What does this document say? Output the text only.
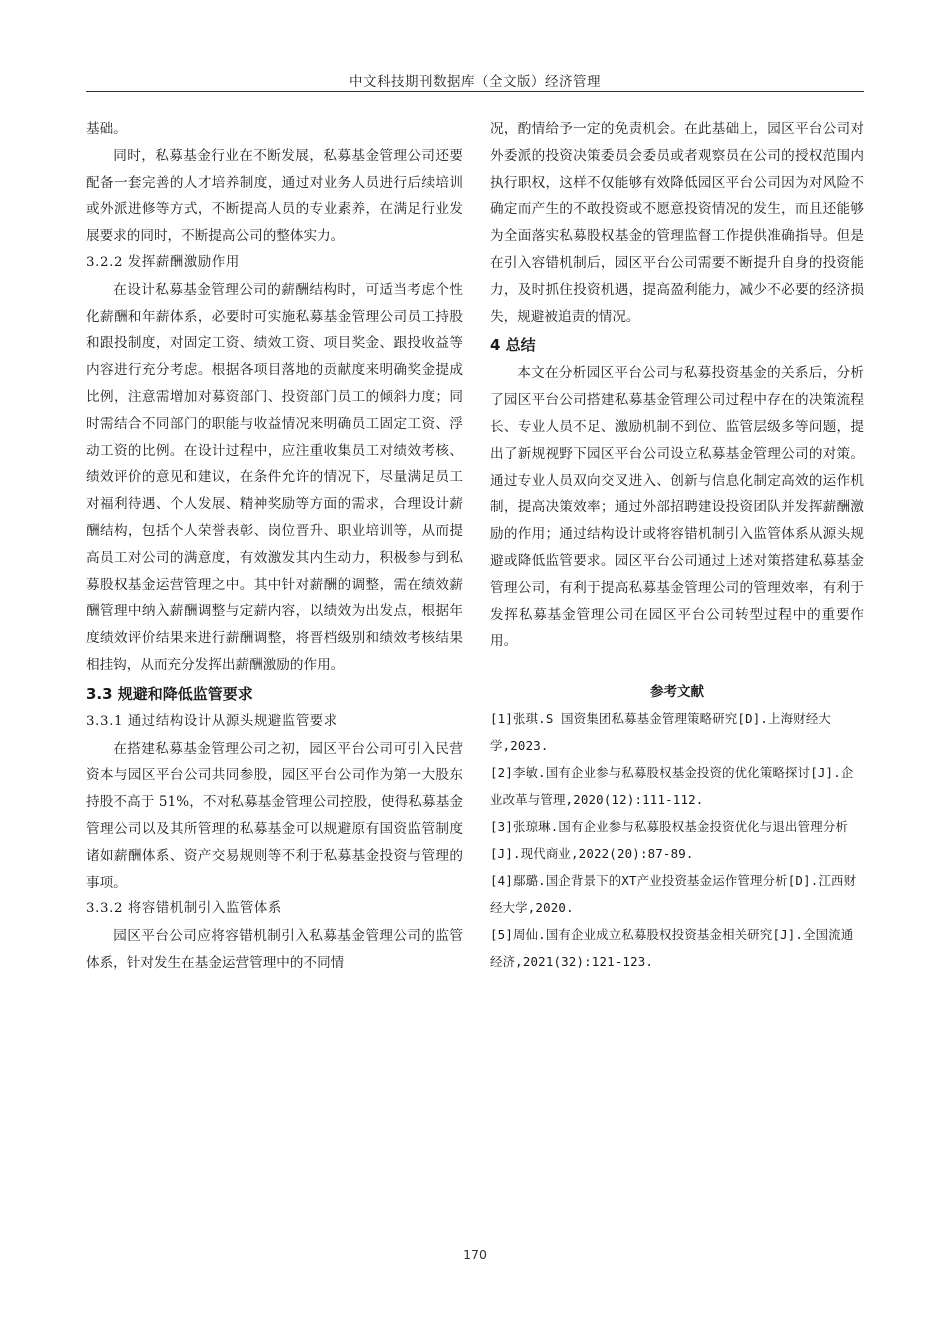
中文科技期刊数据库（全文版）经济管理

基础。

同时，私募基金行业在不断发展，私募基金管理公司还要配备一套完善的人才培养制度，通过对业务人员进行后续培训或外派进修等方式，不断提高人员的专业素养，在满足行业发展要求的同时，不断提高公司的整体实力。

3.2.2 发挥薪酬激励作用

在设计私募基金管理公司的薪酬结构时，可适当考虑个性化薪酬和年薪体系，必要时可实施私募基金管理公司员工持股和跟投制度，对固定工资、绩效工资、项目奖金、跟投收益等内容进行充分考虑。根据各项目落地的贡献度来明确奖金提成比例，注意需增加对募资部门、投资部门员工的倾斜力度；同时需结合不同部门的职能与收益情况来明确员工固定工资、浮动工资的比例。在设计过程中，应注重收集员工对绩效考核、绩效评价的意见和建议，在条件允许的情况下，尽量满足员工对福利待遇、个人发展、精神奖励等方面的需求，合理设计薪酬结构，包括个人荣誉表彰、岗位晋升、职业培训等，从而提高员工对公司的满意度，有效激发其内生动力，积极参与到私募股权基金运营管理之中。其中针对薪酬的调整，需在绩效薪酬管理中纳入薪酬调整与定薪内容，以绩效为出发点，根据年度绩效评价结果来进行薪酬调整，将晋档级别和绩效考核结果相挂钩，从而充分发挥出薪酬激励的作用。

3.3 规避和降低监管要求

3.3.1 通过结构设计从源头规避监管要求

在搭建私募基金管理公司之初，园区平台公司可引入民营资本与园区平台公司共同参股，园区平台公司作为第一大股东持股不高于 51%，不对私募基金管理公司控股，使得私募基金管理公司以及其所管理的私募基金可以规避原有国资监管制度诸如薪酬体系、资产交易规则等不利于私募基金投资与管理的事项。

3.3.2 将容错机制引入监管体系

园区平台公司应将容错机制引入私募基金管理公司的监管体系，针对发生在基金运营管理中的不同情

况，酌情给予一定的免责机会。在此基础上，园区平台公司对外委派的投资决策委员会委员或者观察员在公司的授权范围内执行职权，这样不仅能够有效降低园区平台公司因为对风险不确定而产生的不敢投资或不愿意投资情况的发生，而且还能够为全面落实私募股权基金的管理监督工作提供准确指导。但是在引入容错机制后，园区平台公司需要不断提升自身的投资能力，及时抓住投资机遇，提高盈利能力，减少不必要的经济损失，规避被追责的情况。

4 总结

本文在分析园区平台公司与私募投资基金的关系后，分析了园区平台公司搭建私募基金管理公司过程中存在的决策流程长、专业人员不足、激励机制不到位、监管层级多等问题，提出了新规视野下园区平台公司设立私募基金管理公司的对策。通过专业人员双向交叉进入、创新与信息化制定高效的运作机制，提高决策效率；通过外部招聘建设投资团队并发挥薪酬激励的作用；通过结构设计或将容错机制引入监管体系从源头规避或降低监管要求。园区平台公司通过上述对策搭建私募基金管理公司，有利于提高私募基金管理公司的管理效率，有利于发挥私募基金管理公司在园区平台公司转型过程中的重要作用。

参考文献

[1]张琪.S 国资集团私募基金管理策略研究[D].上海财经大学,2023.

[2]李敏.国有企业参与私募股权基金投资的优化策略探讨[J].企业改革与管理,2020(12):111-112.

[3]张琼琳.国有企业参与私募股权基金投资优化与退出管理分析[J].现代商业,2022(20):87-89.

[4]鄢璐.国企背景下的XT产业投资基金运作管理分析[D].江西财经大学,2020.

[5]周仙.国有企业成立私募股权投资基金相关研究[J].全国流通经济,2021(32):121-123.

170
